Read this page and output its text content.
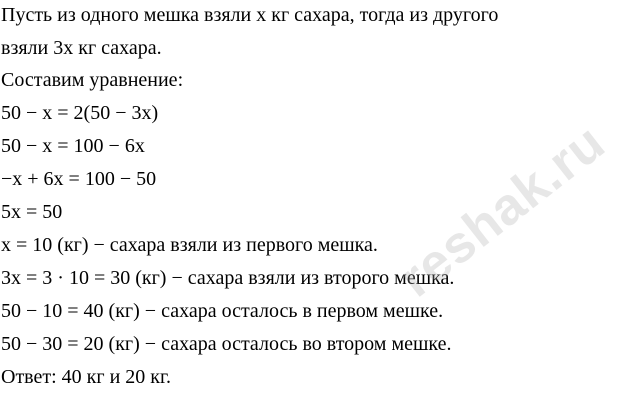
Пусть из одного мешка взяли x кг сахара, тогда из другого
взяли 3x кг сахара.
Составим уравнение:
50 − x = 2(50 − 3x)
50 − x = 100 − 6x
−x + 6x = 100 − 50
5x = 50
x = 10 (кг) − сахара взяли из первого мешка.
3x = 3 · 10 = 30 (кг) − сахара взяли из второго мешка.
50 − 10 = 40 (кг) − сахара осталось в первом мешке.
50 − 30 = 20 (кг) − сахара осталось во втором мешке.
Ответ: 40 кг и 20 кг.
reshak.ru
